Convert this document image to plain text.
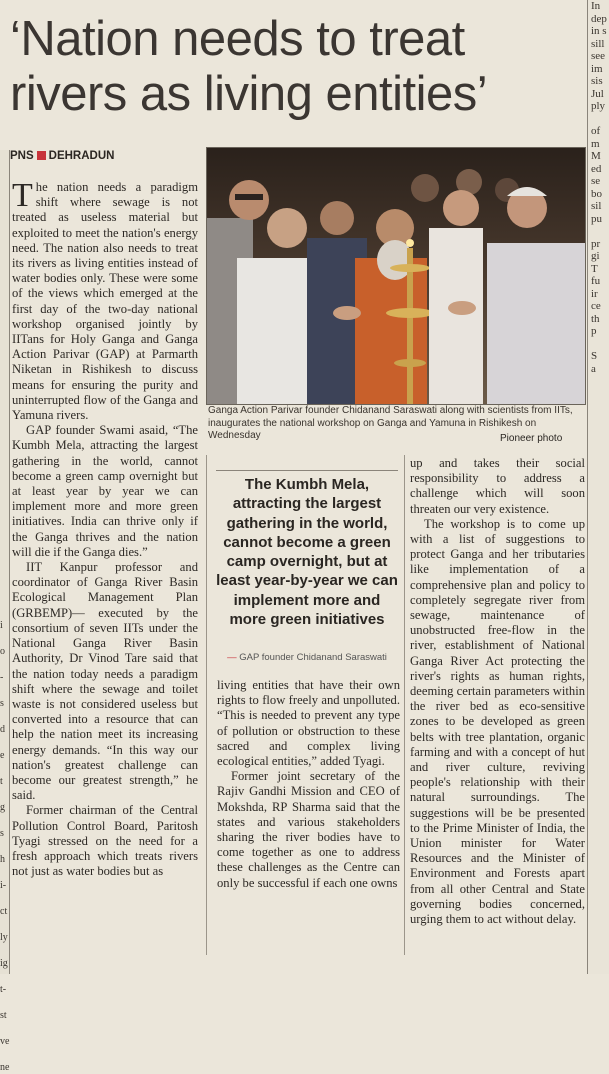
‘Nation needs to treat rivers as living entities’
PNS DEHRADUN
Ganga Action Parivar founder Chidanand Saraswati along with scientists from IITs, inaugurates the national workshop on Ganga and Yamuna in Rishikesh on Wednesday	Pioneer photo

The nation needs a paradigm shift where sewage is not treated as useless material but exploited to meet the nation's energy need. The nation also needs to treat its rivers as living entities instead of water bodies only. These were some of the views which emerged at the first day of the two-day national workshop organised jointly by IITans for Holy Ganga and Ganga Action Parivar (GAP) at Parmarth Niketan in Rishikesh to discuss means for ensuring the purity and uninterrupted flow of the Ganga and Yamuna rivers.

GAP founder Swami asaid, “The Kumbh Mela, attracting the largest gathering in the world, cannot become a green camp overnight but at least year by year we can implement more and more green initiatives. India can thrive only if the Ganga thrives and the nation will die if the Ganga dies.”

IIT Kanpur professor and coordinator of Ganga River Basin Ecological Management Plan (GRBEMP)— executed by the consortium of seven IITs under the National Ganga River Basin Authority, Dr Vinod Tare said that the nation today needs a paradigm shift where the sewage and toilet waste is not considered useless but converted into a resource that can help the nation meet its increasing energy demands. “In this way our nation's greatest challenge can become our greatest strength,” he said.

Former chairman of the Central Pollution Control Board, Paritosh Tyagi stressed on the need for a fresh approach which treats rivers not just as water bodies but as

The Kumbh Mela, attracting the largest gathering in the world, cannot become a green camp overnight, but at least year-by-year we can implement more and more green initiatives
— GAP founder Chidanand Saraswati

living entities that have their own rights to flow freely and unpolluted. “This is needed to prevent any type of pollution or obstruction to these sacred and complex living ecological entities,” added Tyagi.

Former joint secretary of the Rajiv Gandhi Mission and CEO of Mokshda, RP Sharma said that the states and various stakeholders sharing the river bodies have to come together as one to address these challenges as the Centre can only be successful if each one owns

up and takes their social responsibility to address a challenge which will soon threaten our very existence.

The workshop is to come up with a list of suggestions to protect Ganga and her tributaries like implementation of a comprehensive plan and policy to completely segregate river from sewage, maintenance of unobstructed free-flow in the river, establishment of National Ganga River Act protecting the river's rights as human rights, deeming certain parameters within the river bed as eco-sensitive zones to be developed as green belts with tree plantation, organic farming and with a concept of hut and river culture, reviving people's relationship with their natural surroundings. The suggestions will be be presented to the Prime Minister of India, the Union minister for Water Resources and the Minister of Environment and Forests apart from all other Central and State governing bodies concerned, urging them to act without delay.

i
o
-
s
d
e
t
g
s
h
i-
ct
ly
ig
t-
st
ve
ne
In
dep
in s
sill
see
im
sis
Jul
ply

of
m
M
ed
se
bo
sil
pu

pr
gi
T
fu
ir
ce
th
p

S
a
